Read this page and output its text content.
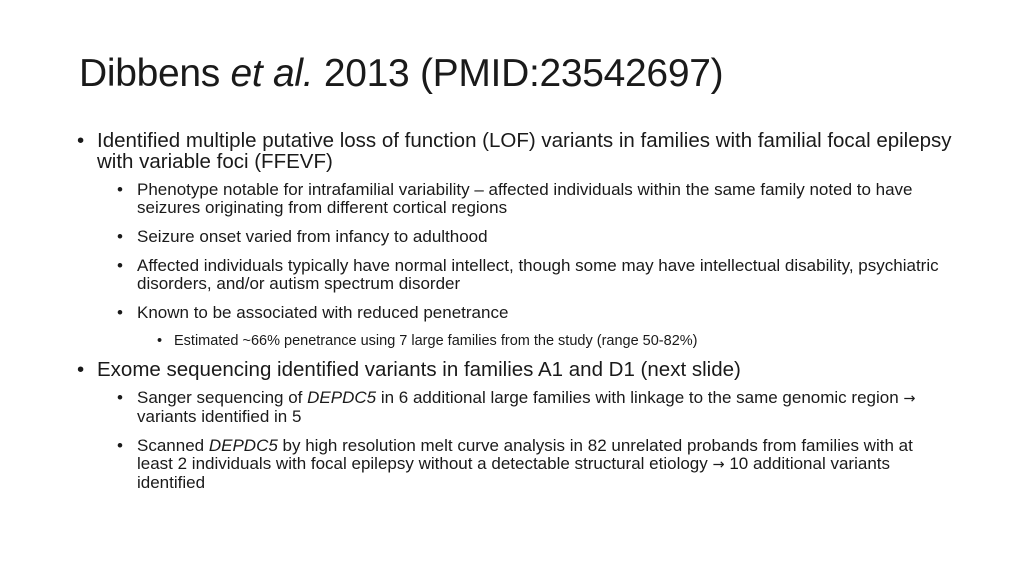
Dibbens et al. 2013 (PMID:23542697)
• Identified multiple putative loss of function (LOF) variants in families with familial focal epilepsy with variable foci (FFEVF)
• Phenotype notable for intrafamilial variability – affected individuals within the same family noted to have seizures originating from different cortical regions
• Seizure onset varied from infancy to adulthood
• Affected individuals typically have normal intellect, though some may have intellectual disability, psychiatric disorders, and/or autism spectrum disorder
• Known to be associated with reduced penetrance
• Estimated ~66% penetrance using 7 large families from the study (range 50-82%)
• Exome sequencing identified variants in families A1 and D1 (next slide)
• Sanger sequencing of DEPDC5 in 6 additional large families with linkage to the same genomic region → variants identified in 5
• Scanned DEPDC5 by high resolution melt curve analysis in 82 unrelated probands from families with at least 2 individuals with focal epilepsy without a detectable structural etiology → 10 additional variants identified
